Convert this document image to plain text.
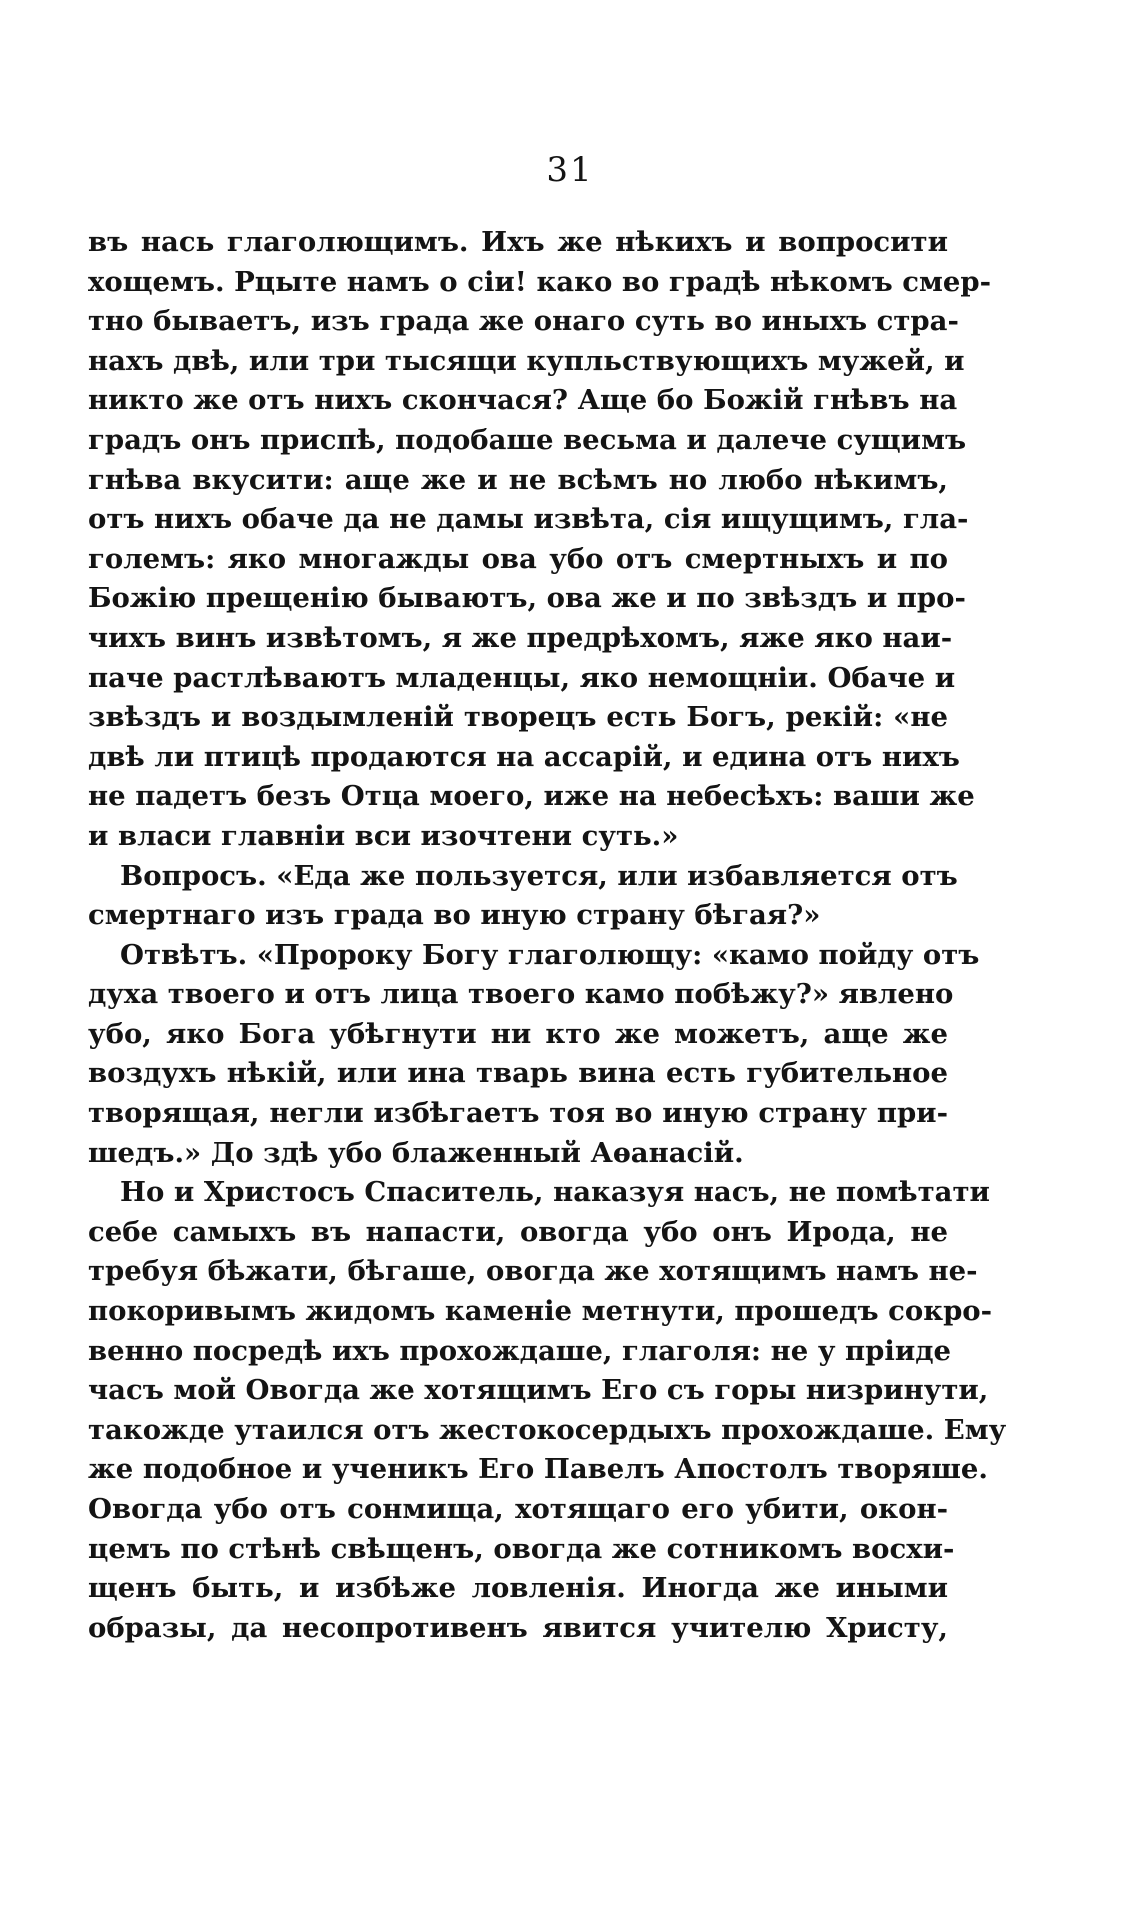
31
въ нась глаголющимъ. Ихъ же нѣкихъ и вопросити
хощемъ. Рцыте намъ о сіи! како во градѣ нѣкомъ смер-
тно бываетъ, изъ града же онаго суть во иныхъ стра-
нахъ двѣ, или три тысящи купльствующихъ мужей, и
никто же отъ нихъ скончася? Аще бо Божій гнѣвъ на
градъ онъ приспѣ, подобаше весьма и далече сущимъ
гнѣва вкусити: аще же и не всѣмъ но любо нѣкимъ,
отъ нихъ обаче да не дамы извѣта, сія ищущимъ, гла-
големъ: яко многажды ова убо отъ смертныхъ и по
Божію прещенію бываютъ, ова же и по звѣздъ и про-
чихъ винъ извѣтомъ, я же предрѣхомъ, яже яко наи-
паче растлѣваютъ младенцы, яко немощніи. Обаче и
звѣздъ и воздымленій творецъ есть Богъ, рекій: «не
двѣ ли птицѣ продаются на ассарій, и едина отъ нихъ
не падетъ безъ Отца моего, иже на небесѣхъ: ваши же
и власи главніи вси изочтени суть.»
Вопросъ. «Еда же пользуется, или избавляется отъ
смертнаго изъ града во иную страну бѣгая?»
Отвѣтъ. «Пророку Богу глаголющу: «камо пойду отъ
духа твоего и отъ лица твоего камо побѣжу?» явлено
убо, яко Бога убѣгнути ни кто же можетъ, аще же
воздухъ нѣкій, или ина тварь вина есть губительное
творящая, негли избѣгаетъ тоя во иную страну при-
шедъ.» До здѣ убо блаженный Аѳанасій.
Но и Христосъ Спаситель, наказуя насъ, не помѣтати
себе самыхъ въ напасти, овогда убо онъ Ирода, не
требуя бѣжати, бѣгаше, овогда же хотящимъ намъ не-
покоривымъ жидомъ каменіе метнути, прошедъ сокро-
венно посредѣ ихъ прохождаше, глаголя: не у пріиде
часъ мой Овогда же хотящимъ Его съ горы низринути,
такожде утаился отъ жестокосердыхъ прохождаше. Ему
же подобное и ученикъ Его Павелъ Апостолъ творяше.
Овогда убо отъ сонмища, хотящаго его убити, окон-
цемъ по стѣнѣ свѣщенъ, овогда же сотникомъ восхи-
щенъ быть, и избѣже ловленія. Иногда же иными
образы, да несопротивенъ явится учителю Христу,
